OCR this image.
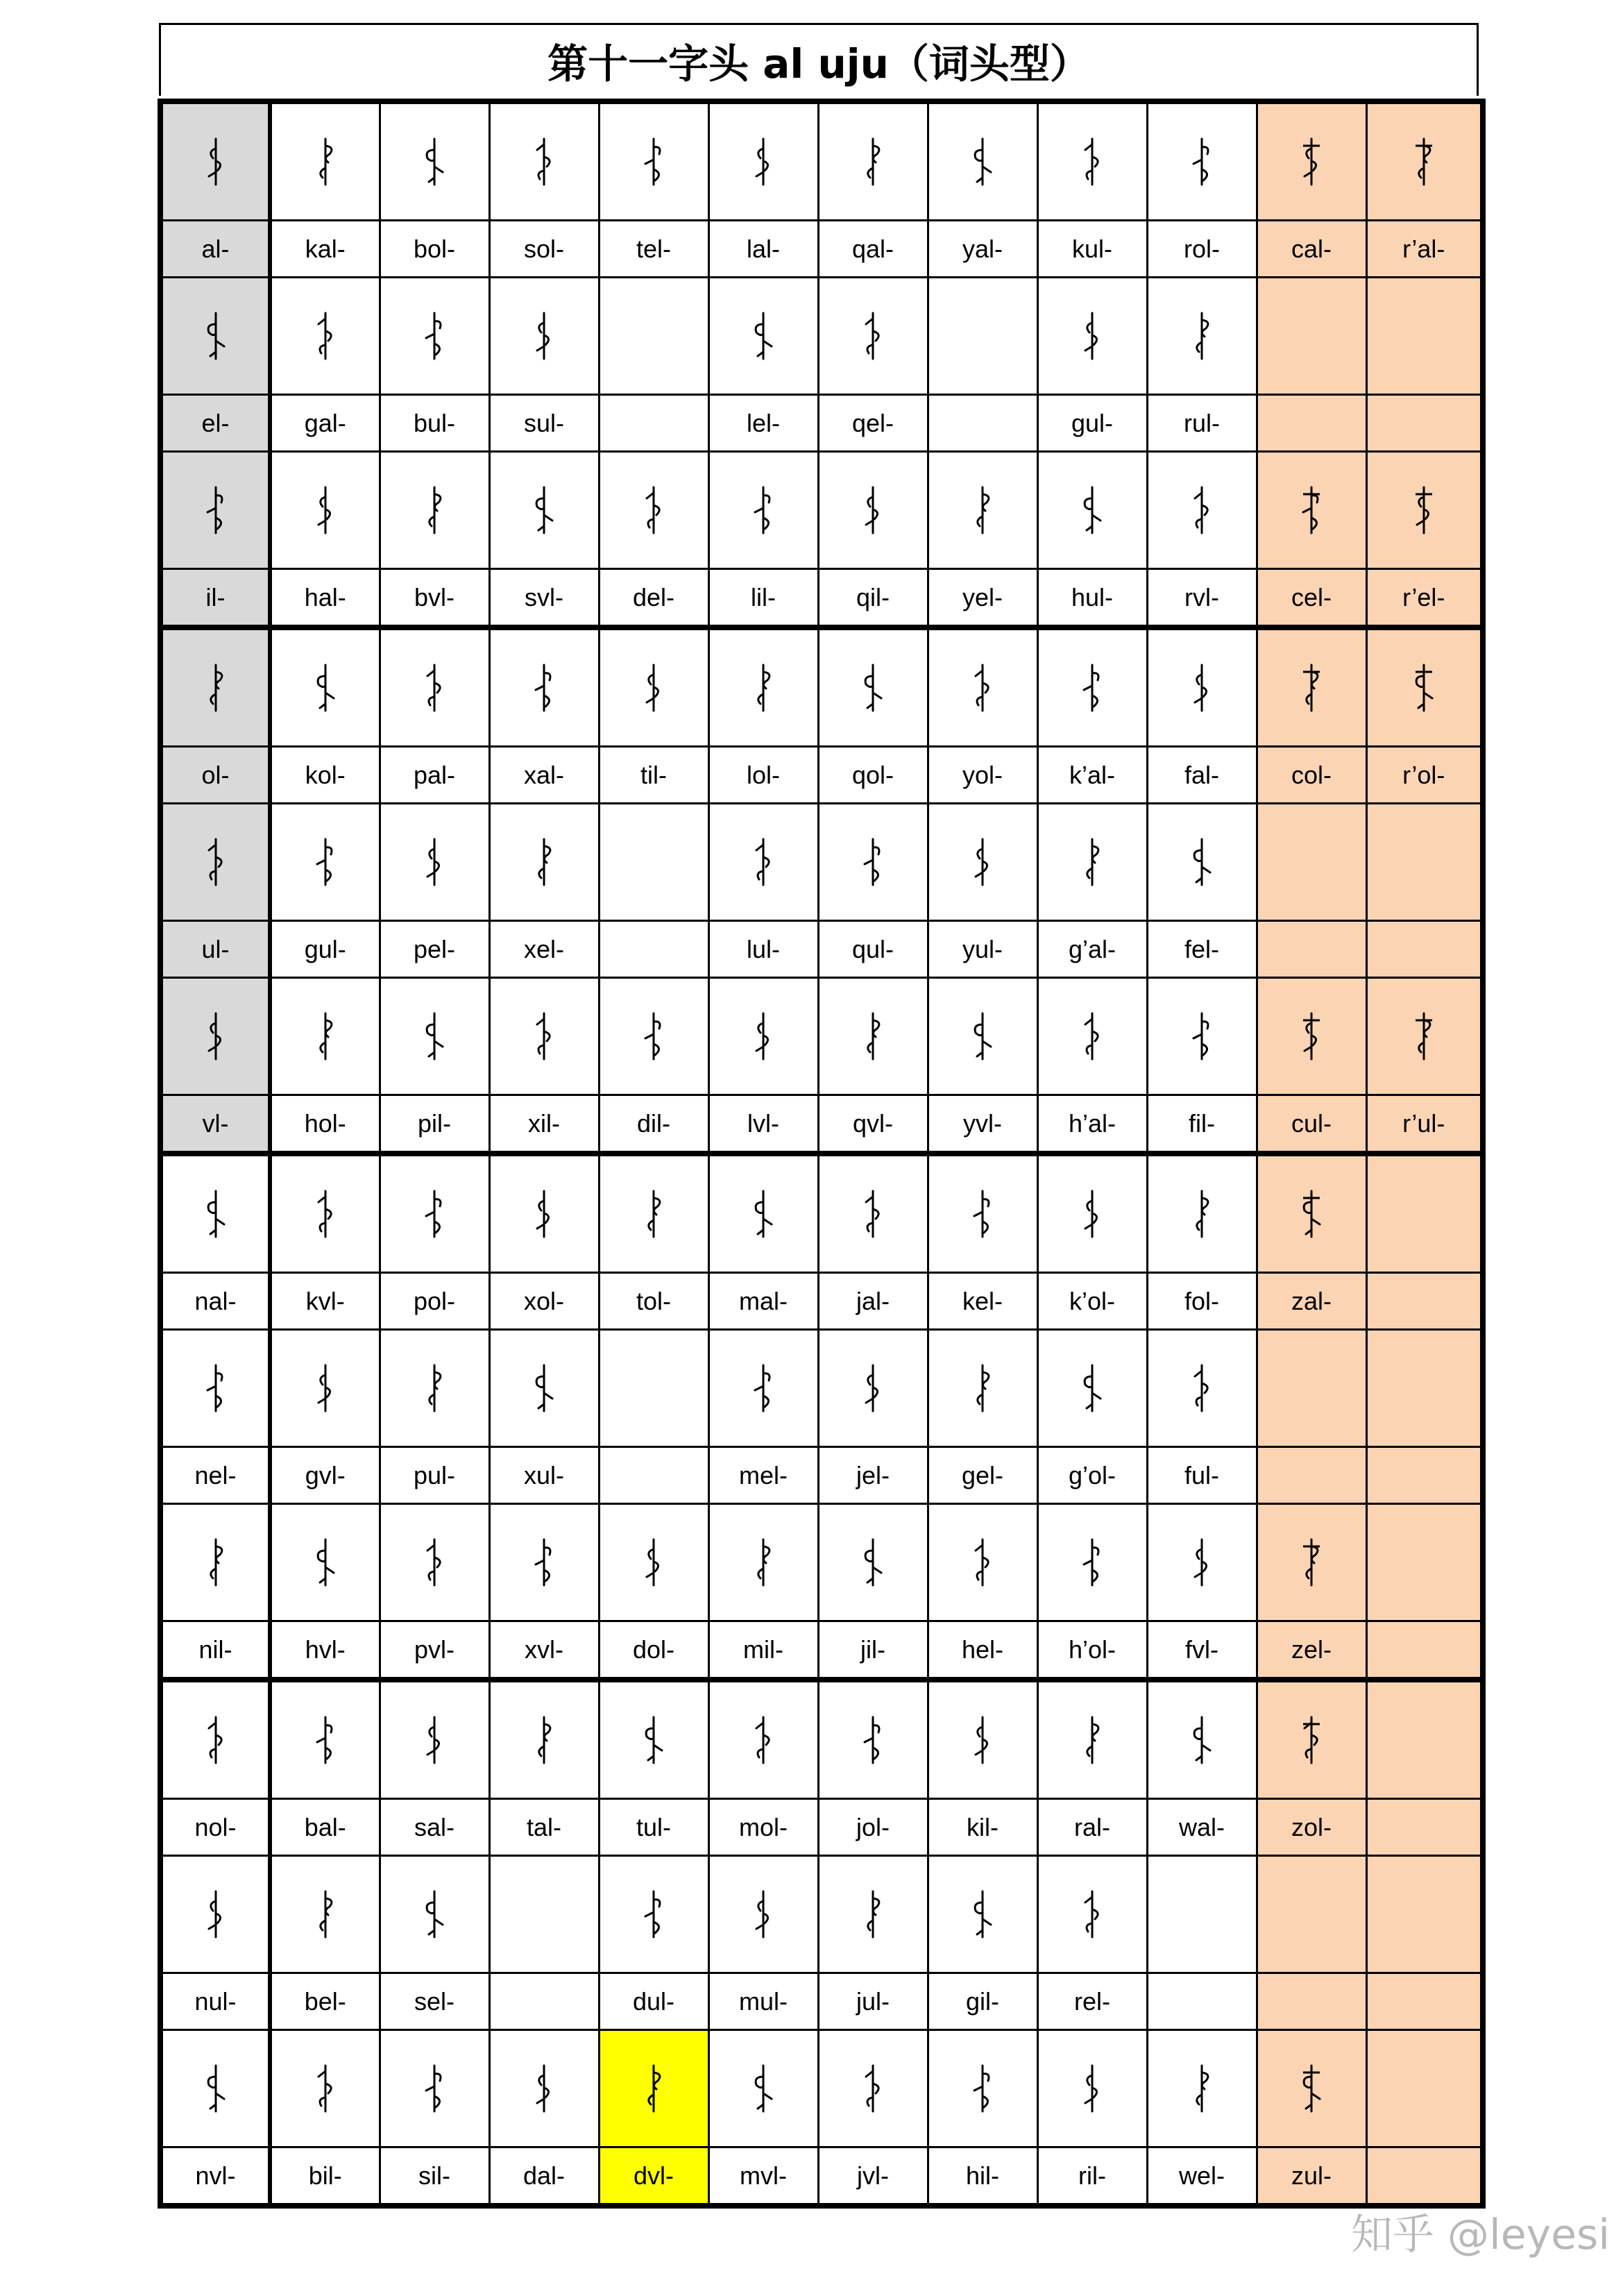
第十一字头 al uju（词头型）

al-	kal-	bol-	sol-	tel-	lal-	qal-	yal-	kul-	rol-	cal-	r’al-

el-	gal-	bul-	sul-		lel-	qel-		gul-	rul-		

il-	hal-	bvl-	svl-	del-	lil-	qil-	yel-	hul-	rvl-	cel-	r’el-

ol-	kol-	pal-	xal-	til-	lol-	qol-	yol-	k’al-	fal-	col-	r’ol-

ul-	gul-	pel-	xel-		lul-	qul-	yul-	g’al-	fel-		

vl-	hol-	pil-	xil-	dil-	lvl-	qvl-	yvl-	h’al-	fil-	cul-	r’ul-

nal-	kvl-	pol-	xol-	tol-	mal-	jal-	kel-	k’ol-	fol-	zal-	

nel-	gvl-	pul-	xul-		mel-	jel-	gel-	g’ol-	ful-		

nil-	hvl-	pvl-	xvl-	dol-	mil-	jil-	hel-	h’ol-	fvl-	zel-	

nol-	bal-	sal-	tal-	tul-	mol-	jol-	kil-	ral-	wal-	zol-	

nul-	bel-	sel-		dul-	mul-	jul-	gil-	rel-			

nvl-	bil-	sil-	dal-	dvl-	mvl-	jvl-	hil-	ril-	wel-	zul-	
知乎 @leyesi
